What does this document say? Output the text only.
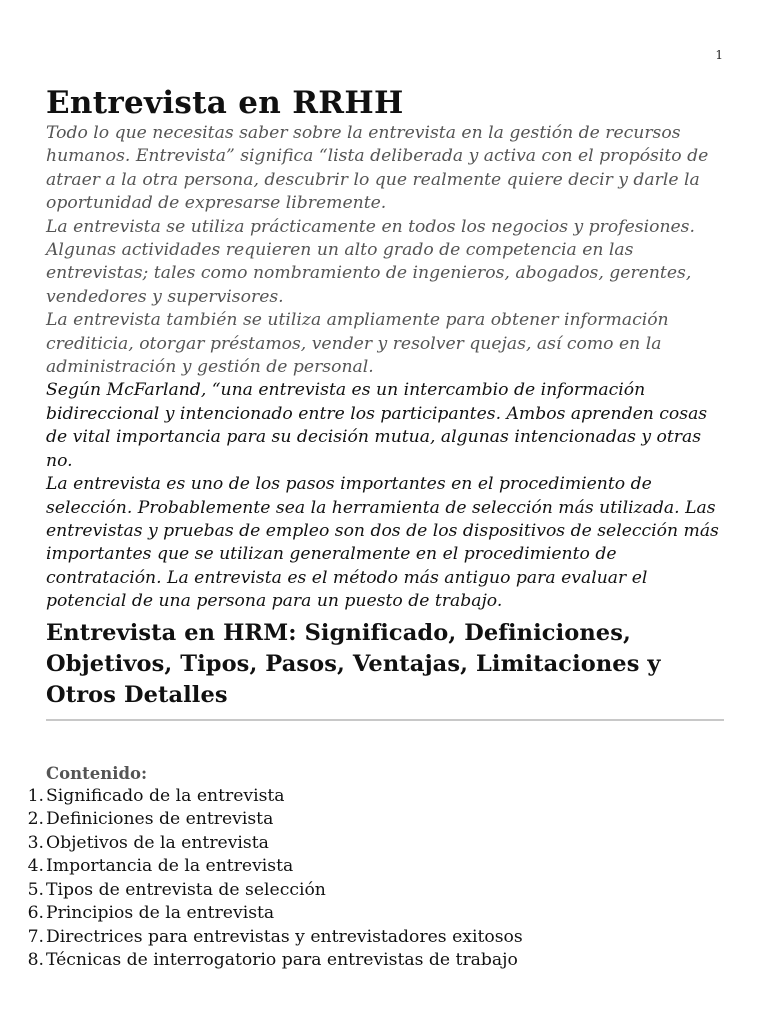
1
Entrevista en RRHH

Todo lo que necesitas saber sobre la entrevista en la gestión de recursos humanos. Entrevista” significa “lista deliberada y activa con el propósito de atraer a la otra persona, descubrir lo que realmente quiere decir y darle la oportunidad de expresarse libremente.

La entrevista se utiliza prácticamente en todos los negocios y profesiones. Algunas actividades requieren un alto grado de competencia en las entrevistas; tales como nombramiento de ingenieros, abogados, gerentes, vendedores y supervisores.

La entrevista también se utiliza ampliamente para obtener información crediticia, otorgar préstamos, vender y resolver quejas, así como en la administración y gestión de personal.

Según McFarland, “una entrevista es un intercambio de información bidireccional y intencionado entre los participantes. Ambos aprenden cosas de vital importancia para su decisión mutua, algunas intencionadas y otras no.

La entrevista es uno de los pasos importantes en el procedimiento de selección. Probablemente sea la herramienta de selección más utilizada. Las entrevistas y pruebas de empleo son dos de los dispositivos de selección más importantes que se utilizan generalmente en el procedimiento de contratación. La entrevista es el método más antiguo para evaluar el potencial de una persona para un puesto de trabajo.

Entrevista en HRM: Significado, Definiciones, Objetivos, Tipos, Pasos, Ventajas, Limitaciones y Otros Detalles
Contenido:
1. Significado de la entrevista
2. Definiciones de entrevista
3. Objetivos de la entrevista
4. Importancia de la entrevista
5. Tipos de entrevista de selección
6. Principios de la entrevista
7. Directrices para entrevistas y entrevistadores exitosos
8. Técnicas de interrogatorio para entrevistas de trabajo
